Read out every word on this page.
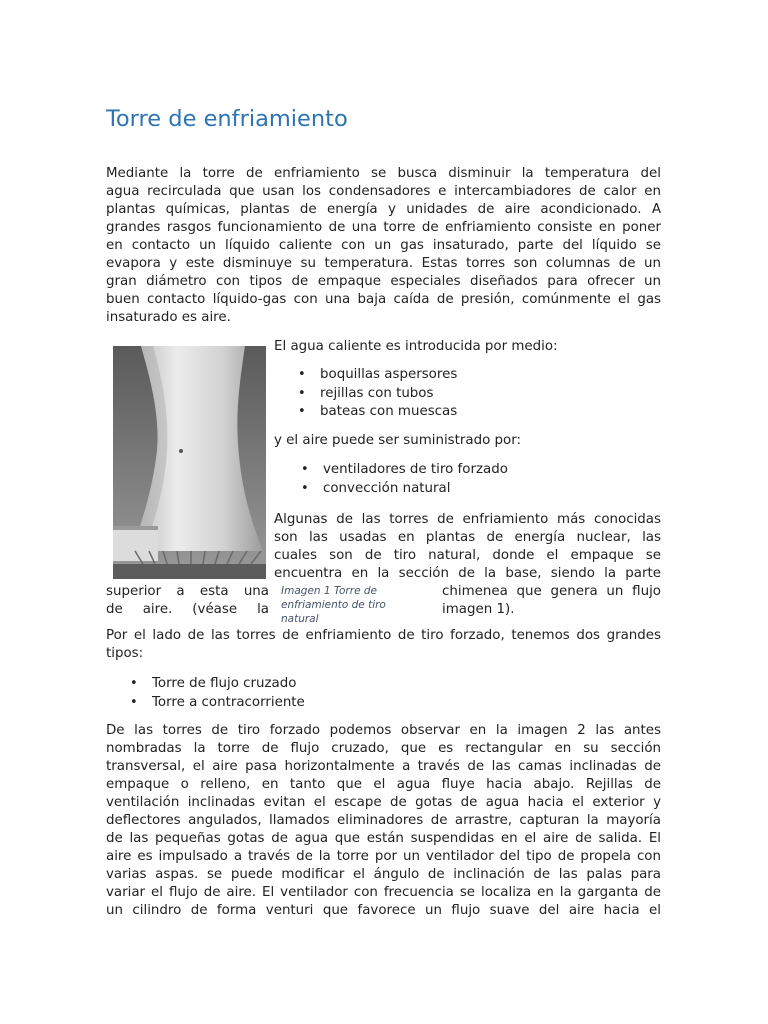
Torre de enfriamiento
Mediante la torre de enfriamiento se busca disminuir la temperatura del
agua recirculada que usan los condensadores e intercambiadores de calor en
plantas químicas, plantas de energía y unidades de aire acondicionado. A
grandes rasgos funcionamiento de una torre de enfriamiento consiste en poner
en contacto un líquido caliente con un gas insaturado, parte del líquido se
evapora y este disminuye su temperatura. Estas torres son columnas de un
gran diámetro con tipos de empaque especiales diseñados para ofrecer un
buen contacto líquido-gas con una baja caída de presión, comúnmente el gas
insaturado es aire.
El agua caliente es introducida por medio:
• boquillas aspersores
• rejillas con tubos
• bateas con muescas
y el aire puede ser suministrado por:
• ventiladores de tiro forzado
• convección natural
Algunas de las torres de enfriamiento más conocidas
son las usadas en plantas de energía nuclear, las
cuales son de tiro natural, donde el empaque se
encuentra en la sección de la base, siendo la parte
superior a esta una
de aire. (véase la
chimenea que genera un flujo
imagen 1).
Imagen 1 Torre de
enfriamiento de tiro
natural
Por el lado de las torres de enfriamiento de tiro forzado, tenemos dos grandes
tipos:
• Torre de flujo cruzado
• Torre a contracorriente
De las torres de tiro forzado podemos observar en la imagen 2 las antes
nombradas la torre de flujo cruzado, que es rectangular en su sección
transversal, el aire pasa horizontalmente a través de las camas inclinadas de
empaque o relleno, en tanto que el agua fluye hacia abajo. Rejillas de
ventilación inclinadas evitan el escape de gotas de agua hacia el exterior y
deflectores angulados, llamados eliminadores de arrastre, capturan la mayoría
de las pequeñas gotas de agua que están suspendidas en el aire de salida. El
aire es impulsado a través de la torre por un ventilador del tipo de propela con
varias aspas. se puede modificar el ángulo de inclinación de las palas para
variar el flujo de aire. El ventilador con frecuencia se localiza en la garganta de
un cilindro de forma venturi que favorece un flujo suave del aire hacia el
